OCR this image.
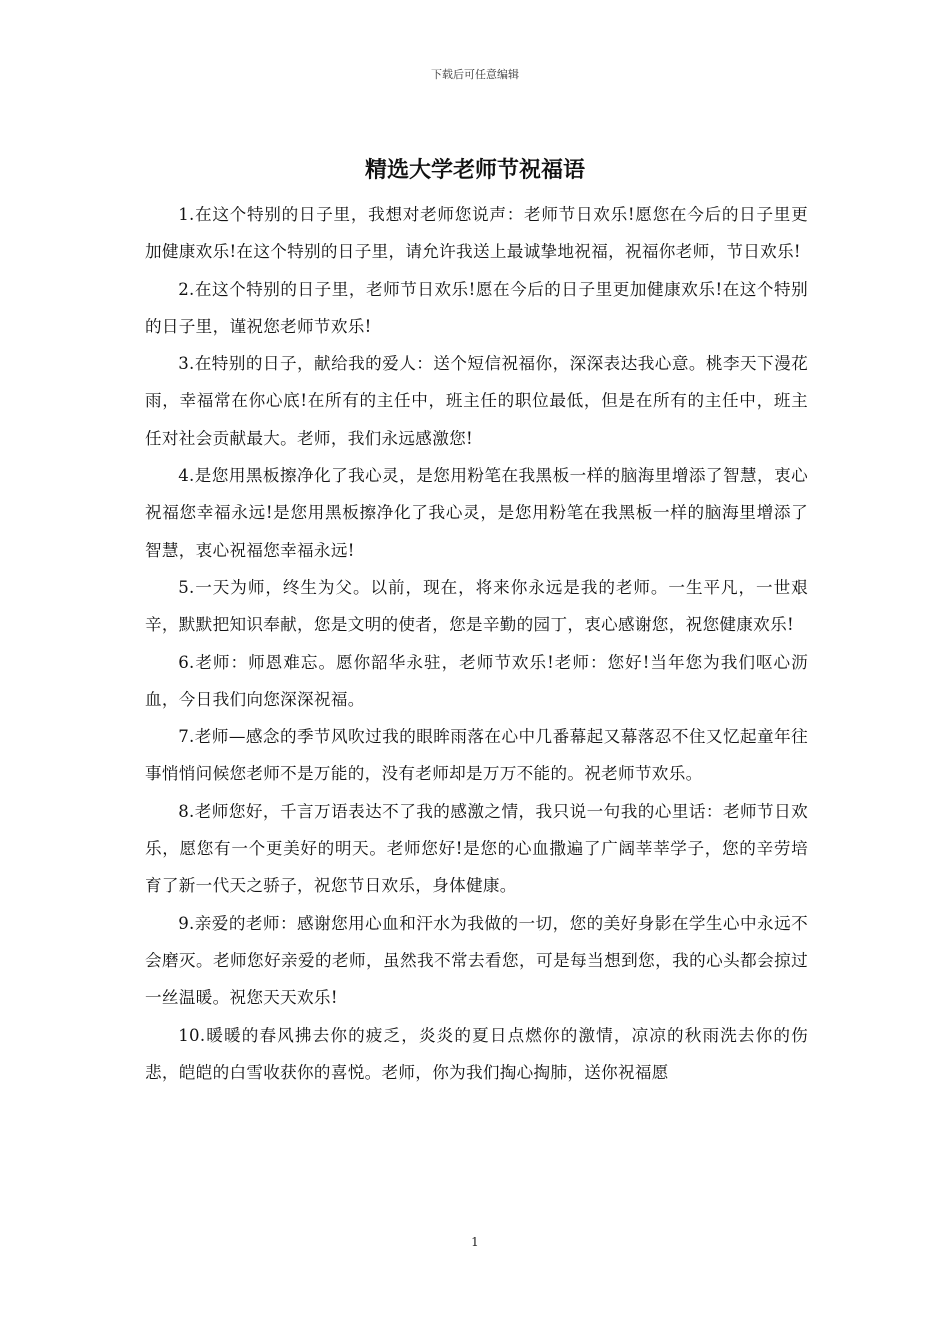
下载后可任意编辑
精选大学老师节祝福语

1.在这个特别的日子里，我想对老师您说声：老师节日欢乐!愿您在今后的日子里更加健康欢乐!在这个特别的日子里，请允许我送上最诚挚地祝福，祝福你老师，节日欢乐!

2.在这个特别的日子里，老师节日欢乐!愿在今后的日子里更加健康欢乐!在这个特别的日子里，谨祝您老师节欢乐!

3.在特别的日子，献给我的爱人：送个短信祝福你，深深表达我心意。桃李天下漫花雨，幸福常在你心底!在所有的主任中，班主任的职位最低，但是在所有的主任中，班主任对社会贡献最大。老师，我们永远感激您!

4.是您用黑板擦净化了我心灵，是您用粉笔在我黑板一样的脑海里增添了智慧，衷心祝福您幸福永远!是您用黑板擦净化了我心灵，是您用粉笔在我黑板一样的脑海里增添了智慧，衷心祝福您幸福永远!

5.一天为师，终生为父。以前，现在，将来你永远是我的老师。一生平凡，一世艰辛，默默把知识奉献，您是文明的使者，您是辛勤的园丁，衷心感谢您，祝您健康欢乐!

6.老师：师恩难忘。愿你韶华永驻，老师节欢乐!老师：您好!当年您为我们呕心沥血，今日我们向您深深祝福。

7.老师—感念的季节风吹过我的眼眸雨落在心中几番幕起又幕落忍不住又忆起童年往事悄悄问候您老师不是万能的，没有老师却是万万不能的。祝老师节欢乐。

8.老师您好，千言万语表达不了我的感激之情，我只说一句我的心里话：老师节日欢乐，愿您有一个更美好的明天。老师您好!是您的心血撒遍了广阔莘莘学子，您的辛劳培育了新一代天之骄子，祝您节日欢乐，身体健康。

9.亲爱的老师：感谢您用心血和汗水为我做的一切，您的美好身影在学生心中永远不会磨灭。老师您好亲爱的老师，虽然我不常去看您，可是每当想到您，我的心头都会掠过一丝温暖。祝您天天欢乐!

10.暖暖的春风拂去你的疲乏，炎炎的夏日点燃你的激情，凉凉的秋雨洗去你的伤悲，皑皑的白雪收获你的喜悦。老师，你为我们掏心掏肺，送你祝福愿

1
